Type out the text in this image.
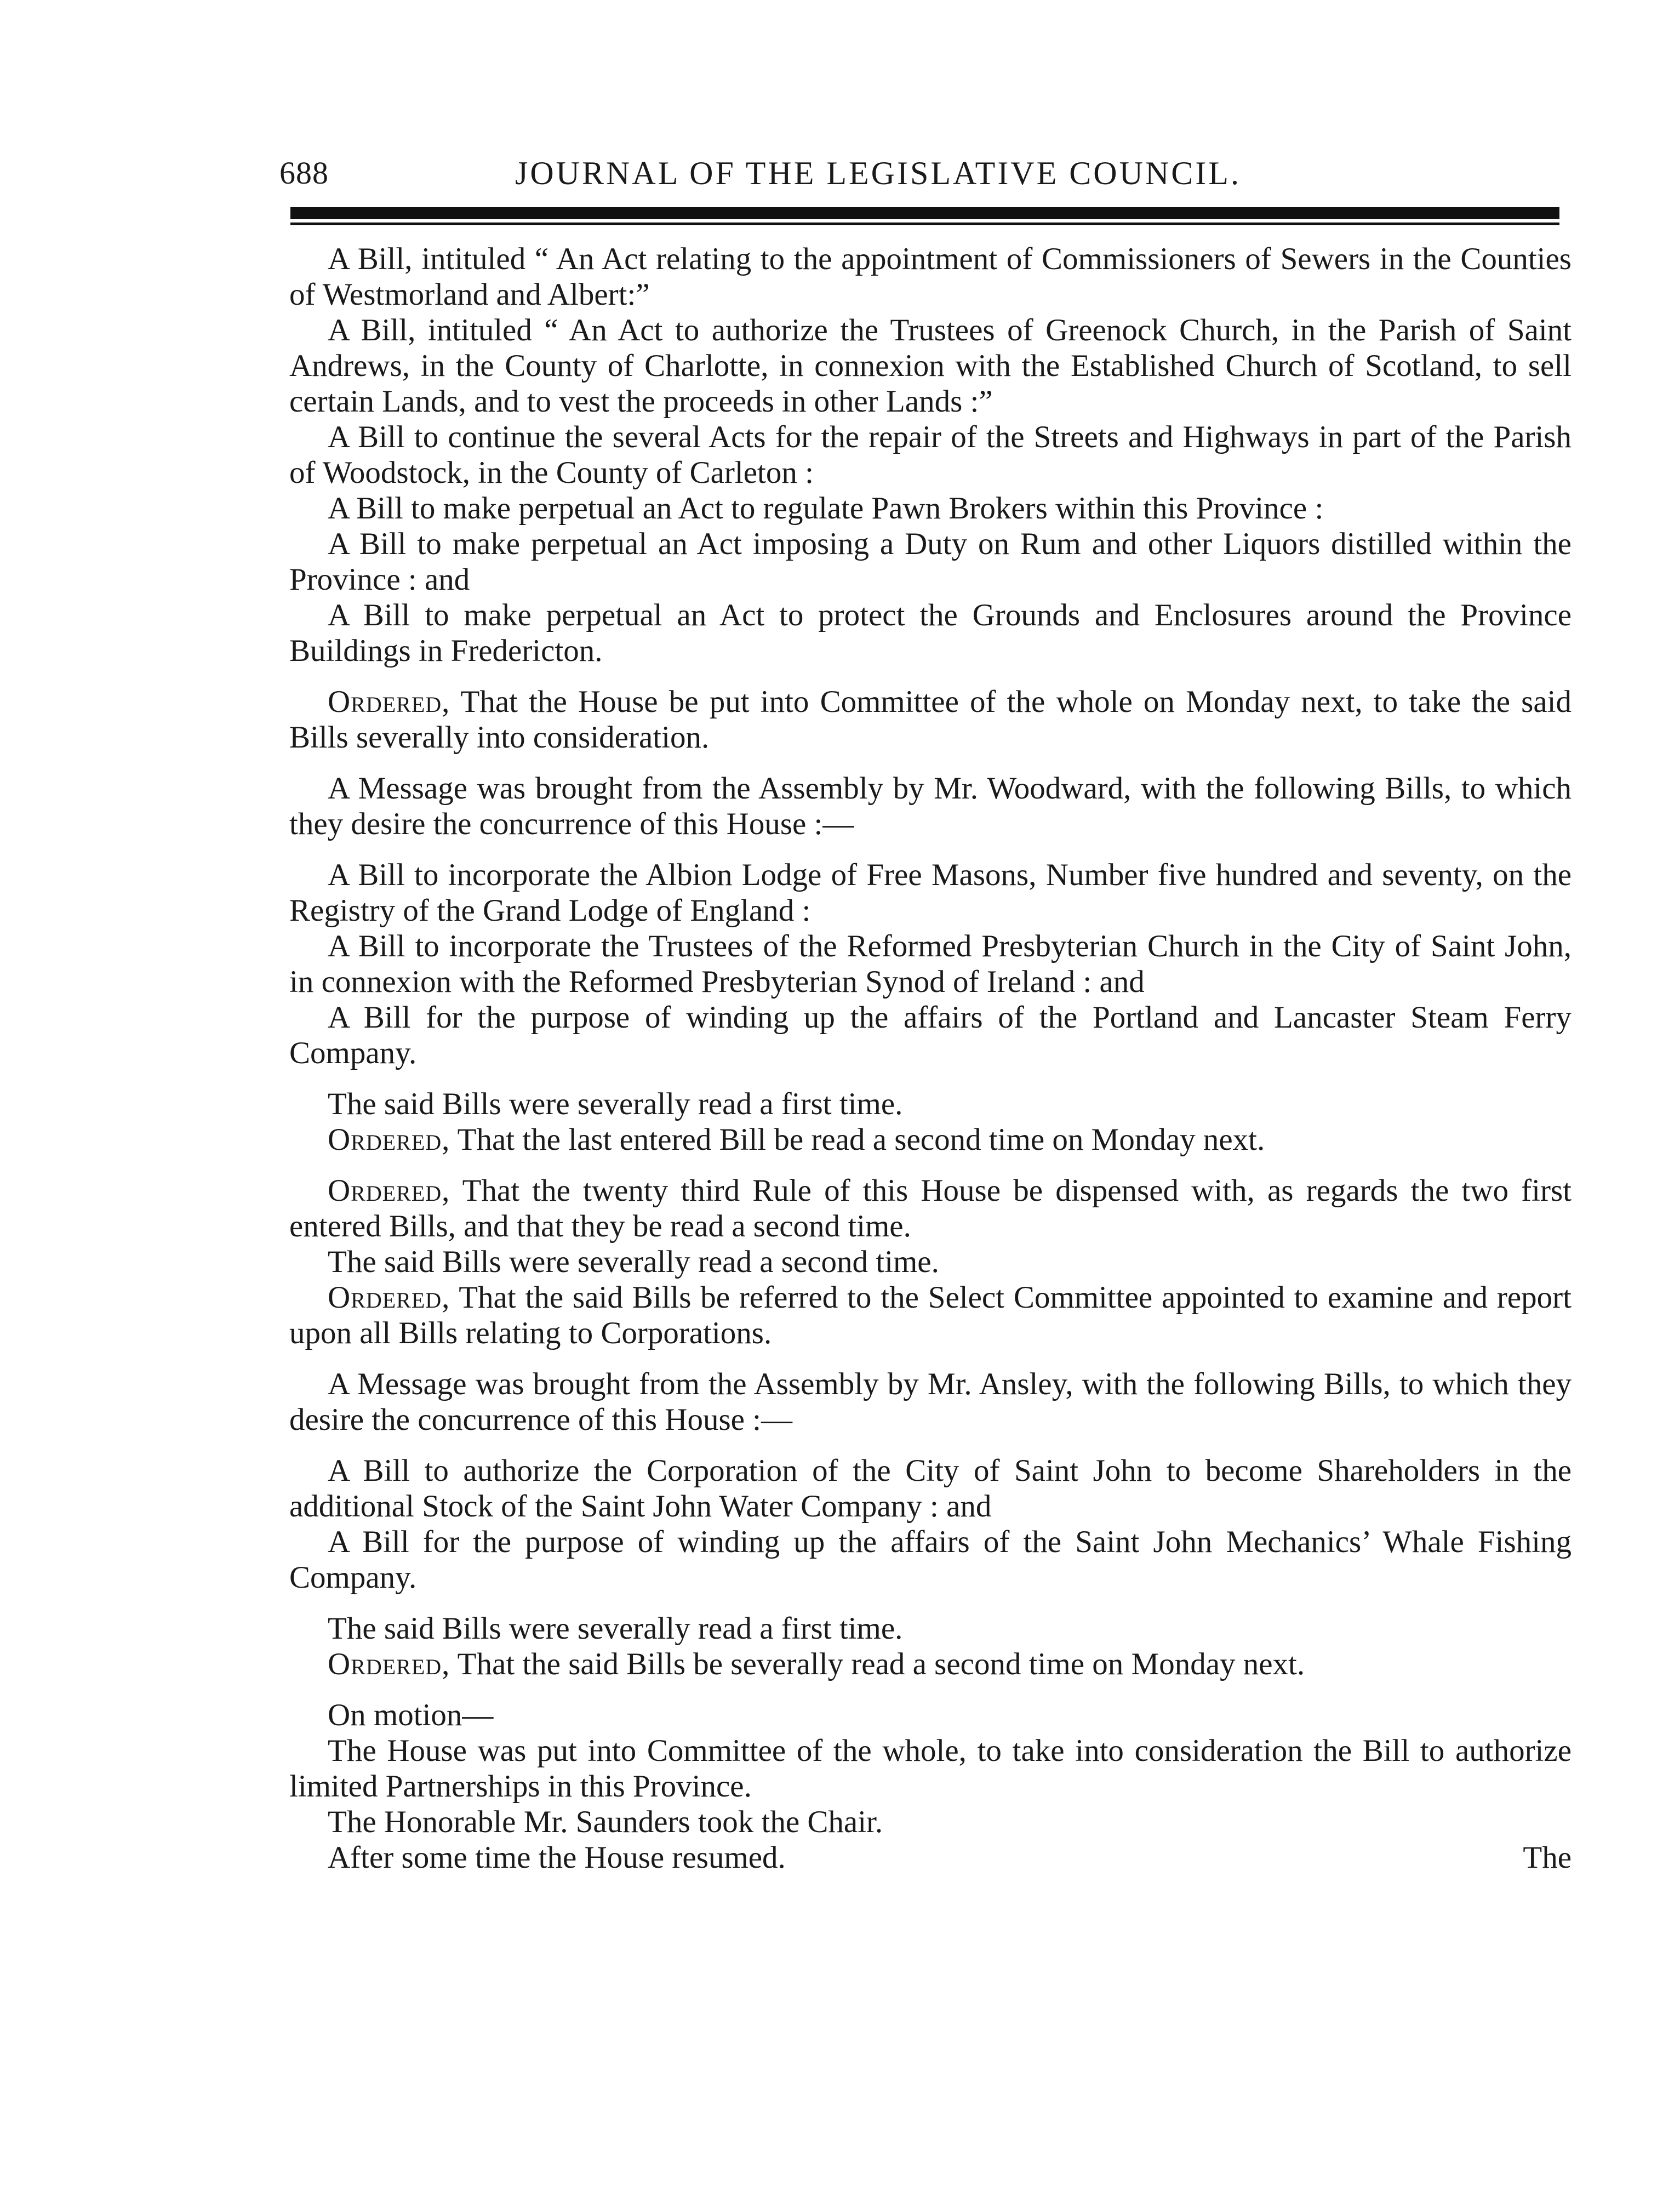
688	JOURNAL OF THE LEGISLATIVE COUNCIL.

A Bill, intituled “ An Act relating to the appointment of Commissioners of Sewers in the Counties of Westmorland and Albert:”

A Bill, intituled “ An Act to authorize the Trustees of Greenock Church, in the Parish of Saint Andrews, in the County of Charlotte, in connexion with the Established Church of Scotland, to sell certain Lands, and to vest the proceeds in other Lands :”

A Bill to continue the several Acts for the repair of the Streets and Highways in part of the Parish of Woodstock, in the County of Carleton :

A Bill to make perpetual an Act to regulate Pawn Brokers within this Province :

A Bill to make perpetual an Act imposing a Duty on Rum and other Liquors distilled within the Province : and

A Bill to make perpetual an Act to protect the Grounds and Enclosures around the Province Buildings in Fredericton.

Ordered, That the House be put into Committee of the whole on Monday next, to take the said Bills severally into consideration.

A Message was brought from the Assembly by Mr. Woodward, with the following Bills, to which they desire the concurrence of this House :—

A Bill to incorporate the Albion Lodge of Free Masons, Number five hundred and seventy, on the Registry of the Grand Lodge of England :

A Bill to incorporate the Trustees of the Reformed Presbyterian Church in the City of Saint John, in connexion with the Reformed Presbyterian Synod of Ireland : and

A Bill for the purpose of winding up the affairs of the Portland and Lancaster Steam Ferry Company.

The said Bills were severally read a first time.

Ordered, That the last entered Bill be read a second time on Monday next.

Ordered, That the twenty third Rule of this House be dispensed with, as regards the two first entered Bills, and that they be read a second time.

The said Bills were severally read a second time.

Ordered, That the said Bills be referred to the Select Committee appointed to examine and report upon all Bills relating to Corporations.

A Message was brought from the Assembly by Mr. Ansley, with the following Bills, to which they desire the concurrence of this House :—

A Bill to authorize the Corporation of the City of Saint John to become Shareholders in the additional Stock of the Saint John Water Company : and

A Bill for the purpose of winding up the affairs of the Saint John Mechanics’ Whale Fishing Company.

The said Bills were severally read a first time.

Ordered, That the said Bills be severally read a second time on Monday next.

On motion—

The House was put into Committee of the whole, to take into consideration the Bill to authorize limited Partnerships in this Province.

The Honorable Mr. Saunders took the Chair.

After some time the House resumed.	The
